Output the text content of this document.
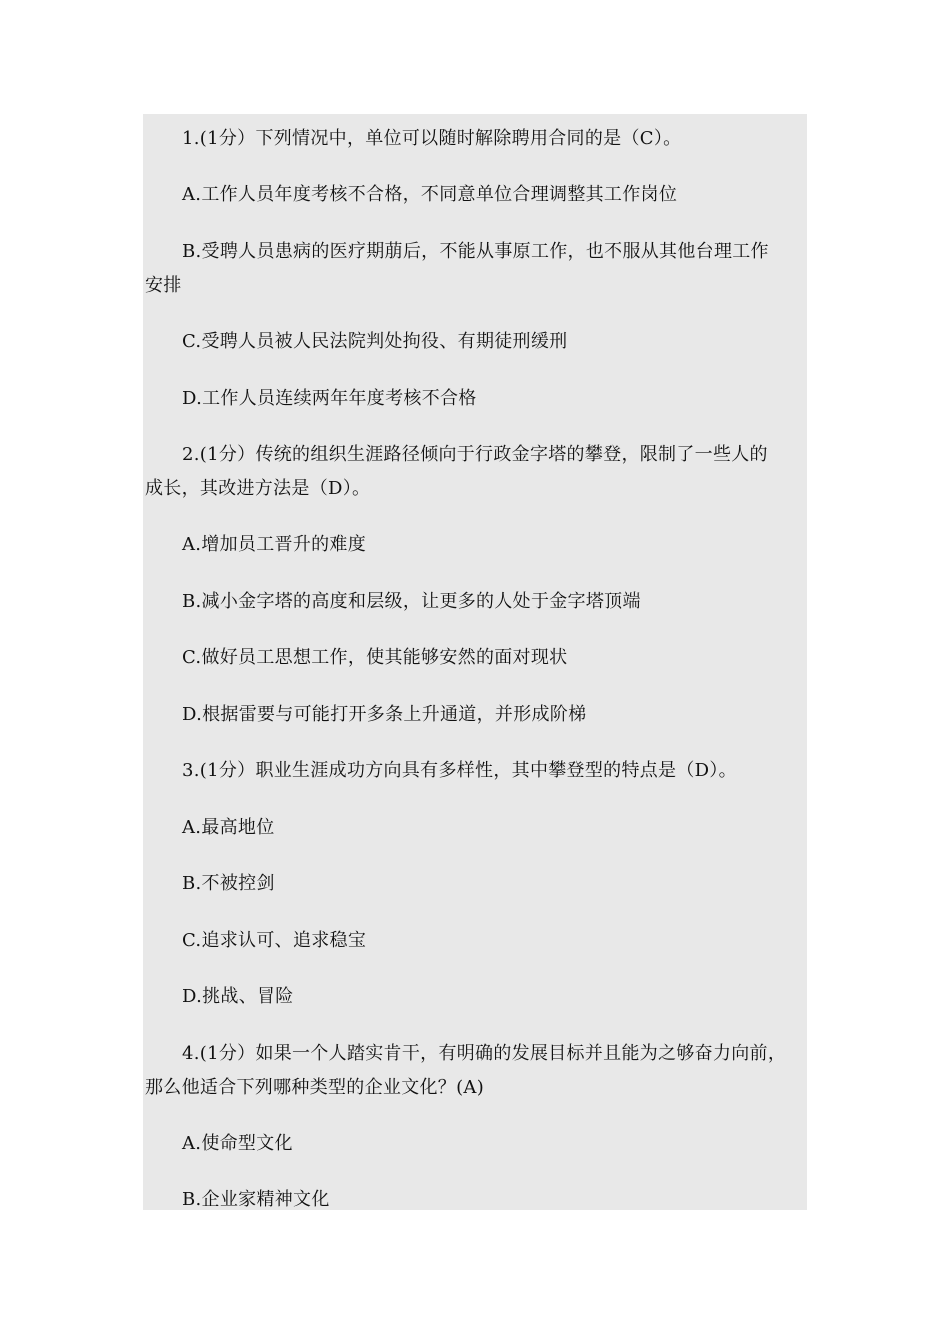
1.(1分）下列情况中，单位可以随时解除聘用合同的是（C）。
A.工作人员年度考核不合格，不同意单位合理调整其工作岗位
B.受聘人员患病的医疗期萠后，不能从事原工作，也不服从其他台理工作
安排
C.受聘人员被人民法院判处拘役、有期徒刑缓刑
D.工作人员连续两年年度考核不合格
2.(1分）传统的组织生涯路径倾向于行政金字塔的攀登，限制了一些人的
成长，其改进方法是（D）。
A.增加员工晋升的难度
B.减小金字塔的高度和层级，让更多的人处于金字塔顶端
C.做好员工思想工作，使其能够安然的面对现状
D.根据雷要与可能打开多条上升通道，并形成阶梯
3.(1分）职业生涯成功方向具有多样性，其中攀登型的特点是（D）。
A.最高地位
B.不被控剑
C.追求认可、追求稳宝
D.挑战、冒险
4.(1分）如果一个人踏实肯干，有明确的发展目标并且能为之够奋力向前，
那么他适合下列哪种类型的企业文化？(A)
A.使命型文化
B.企业家精神文化
